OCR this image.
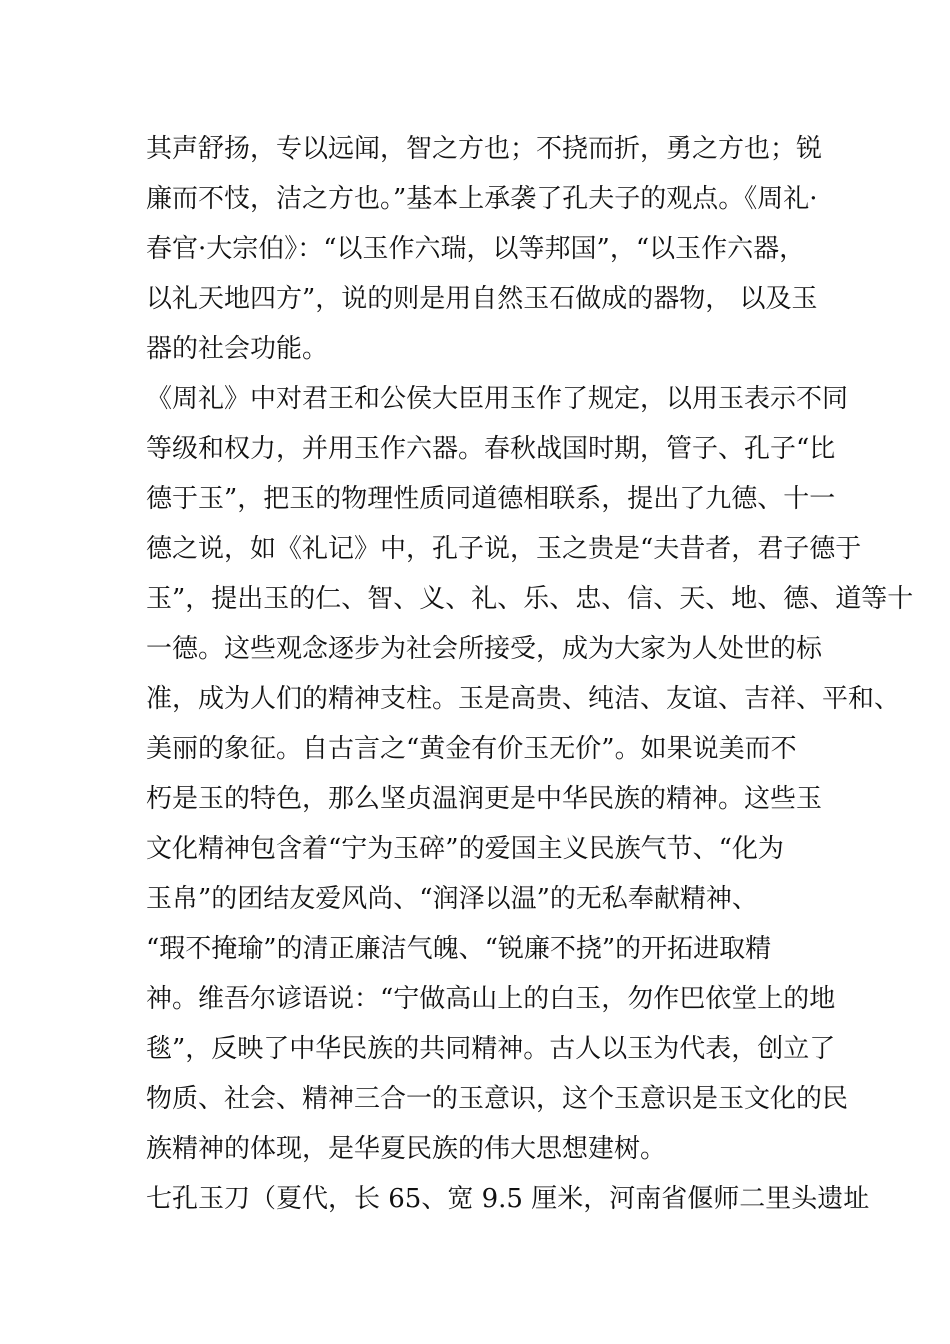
其声舒扬，专以远闻，智之方也；不挠而折，勇之方也；锐
廉而不忮，洁之方也。”基本上承袭了孔夫子的观点。《周礼·
春官·大宗伯》：“以玉作六瑞，以等邦国”，“以玉作六器，
以礼天地四方”，说的则是用自然玉石做成的器物， 以及玉
器的社会功能。
《周礼》中对君王和公侯大臣用玉作了规定，以用玉表示不同
等级和权力，并用玉作六器。春秋战国时期，管子、孔子“比
德于玉”，把玉的物理性质同道德相联系，提出了九德、十一
德之说，如《礼记》中，孔子说，玉之贵是“夫昔者，君子德于
玉”，提出玉的仁、智、义、礼、乐、忠、信、天、地、德、道等十
一德。这些观念逐步为社会所接受，成为大家为人处世的标
准，成为人们的精神支柱。玉是高贵、纯洁、友谊、吉祥、平和、
美丽的象征。自古言之“黄金有价玉无价”。如果说美而不
朽是玉的特色，那么坚贞温润更是中华民族的精神。这些玉
文化精神包含着“宁为玉碎”的爱国主义民族气节、“化为
玉帛”的团结友爱风尚、“润泽以温”的无私奉献精神、
“瑕不掩瑜”的清正廉洁气魄、“锐廉不挠”的开拓进取精
神。维吾尔谚语说：“宁做高山上的白玉，勿作巴依堂上的地
毯”，反映了中华民族的共同精神。古人以玉为代表，创立了
物质、社会、精神三合一的玉意识，这个玉意识是玉文化的民
族精神的体现，是华夏民族的伟大思想建树。
七孔玉刀（夏代，长 65、宽 9.5 厘米，河南省偃师二里头遗址
